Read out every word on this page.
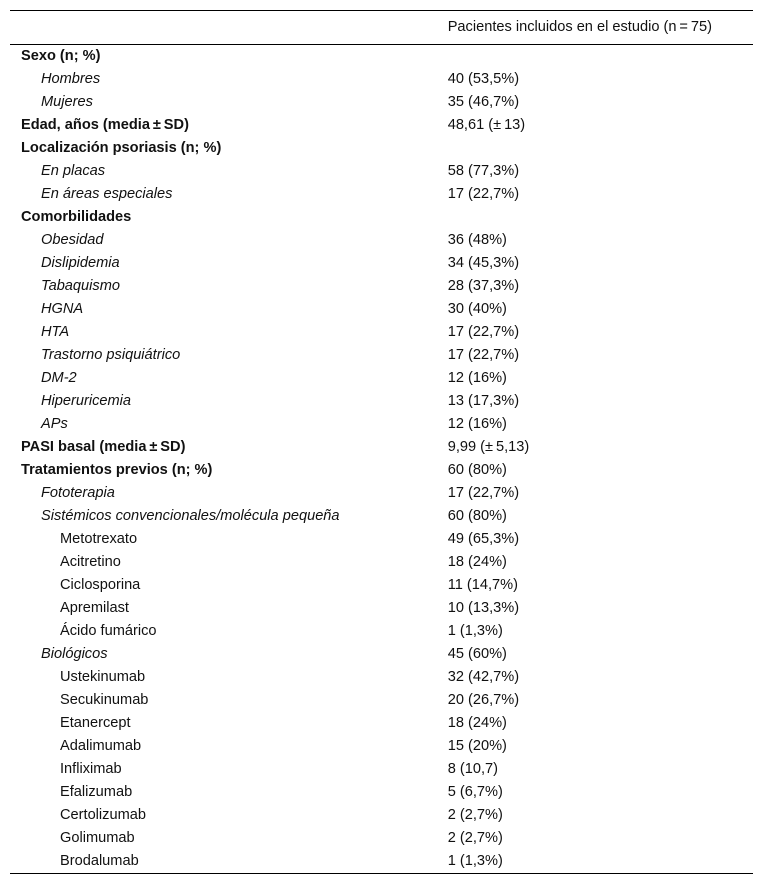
	Pacientes incluidos en el estudio (n = 75)
Sexo (n; %)	
Hombres	40 (53,5%)
Mujeres	35 (46,7%)
Edad, años (media ± SD)	48,61 (± 13)
Localización psoriasis (n; %)	
En placas	58 (77,3%)
En áreas especiales	17 (22,7%)
Comorbilidades	
Obesidad	36 (48%)
Dislipidemia	34 (45,3%)
Tabaquismo	28 (37,3%)
HGNA	30 (40%)
HTA	17 (22,7%)
Trastorno psiquiátrico	17 (22,7%)
DM-2	12 (16%)
Hiperuricemia	13 (17,3%)
APs	12 (16%)
PASI basal (media ± SD)	9,99 (± 5,13)
Tratamientos previos (n; %)	60 (80%)
Fototerapia	17 (22,7%)
Sistémicos convencionales/molécula pequeña	60 (80%)
Metotrexato	49 (65,3%)
Acitretino	18 (24%)
Ciclosporina	11 (14,7%)
Apremilast	10 (13,3%)
Ácido fumárico	1 (1,3%)
Biológicos	45 (60%)
Ustekinumab	32 (42,7%)
Secukinumab	20 (26,7%)
Etanercept	18 (24%)
Adalimumab	15 (20%)
Infliximab	8 (10,7)
Efalizumab	5 (6,7%)
Certolizumab	2 (2,7%)
Golimumab	2 (2,7%)
Brodalumab	1 (1,3%)
